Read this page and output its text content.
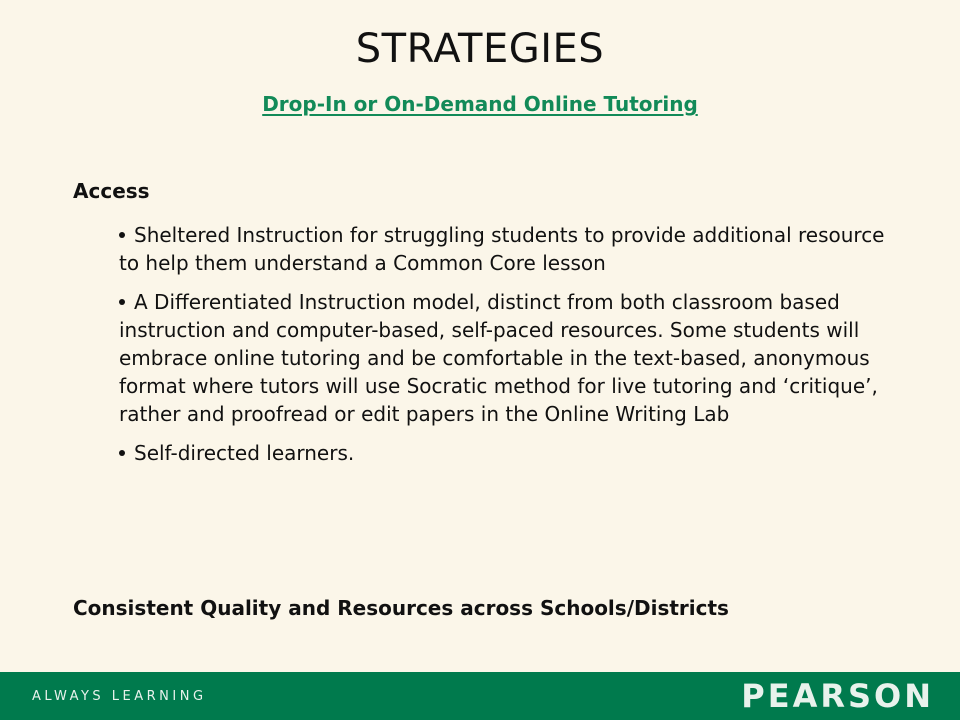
STRATEGIES
Drop-In or On-Demand Online Tutoring
Access
Sheltered Instruction for struggling students to provide additional resource to help them understand a Common Core lesson
A Differentiated Instruction model, distinct from both classroom based instruction and computer-based, self-paced resources. Some students will embrace online tutoring and be comfortable in the text-based, anonymous format where tutors will use Socratic method for live tutoring and ‘critique’, rather and proofread or edit papers in the Online Writing Lab
Self-directed learners.
Consistent Quality and Resources across Schools/Districts
ALWAYS LEARNING	PEARSON
